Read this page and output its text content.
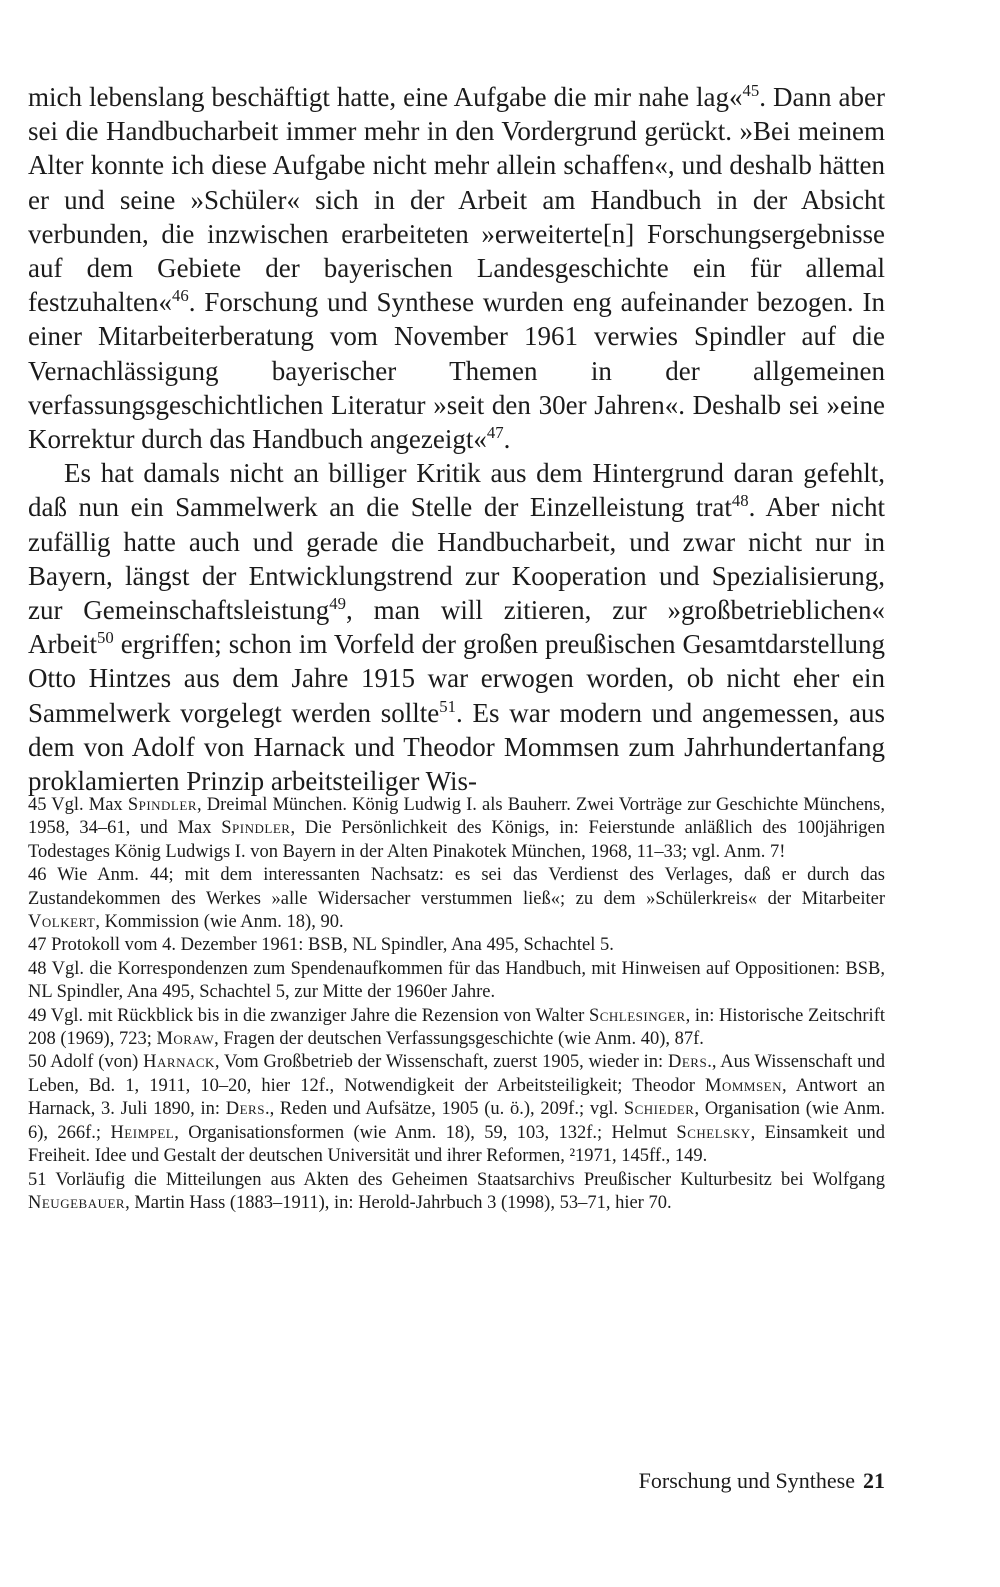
mich lebenslang beschäftigt hatte, eine Aufgabe die mir nahe lag«$^{45}$. Dann aber sei die Handbucharbeit immer mehr in den Vordergrund gerückt. »Bei meinem Alter konnte ich diese Aufgabe nicht mehr allein schaffen«, und deshalb hätten er und seine »Schüler« sich in der Arbeit am Handbuch in der Absicht verbunden, die inzwischen erarbeiteten »erweiterte[n] Forschungsergebnisse auf dem Gebiete der bayerischen Landesgeschichte ein für allemal festzuhalten«$^{46}$. Forschung und Synthese wurden eng aufeinander bezogen. In einer Mitarbeiterberatung vom November 1961 verwies Spindler auf die Vernachlässigung bayerischer Themen in der allgemeinen verfassungsgeschichtlichen Literatur »seit den 30er Jahren«. Deshalb sei »eine Korrektur durch das Handbuch angezeigt«$^{47}$.

Es hat damals nicht an billiger Kritik aus dem Hintergrund daran gefehlt, daß nun ein Sammelwerk an die Stelle der Einzelleistung trat$^{48}$. Aber nicht zufällig hatte auch und gerade die Handbucharbeit, und zwar nicht nur in Bayern, längst der Entwicklungstrend zur Kooperation und Spezialisierung, zur Gemeinschaftsleistung$^{49}$, man will zitieren, zur »großbetrieblichen« Arbeit$^{50}$ ergriffen; schon im Vorfeld der großen preußischen Gesamtdarstellung Otto Hintzes aus dem Jahre 1915 war erwogen worden, ob nicht eher ein Sammelwerk vorgelegt werden sollte$^{51}$. Es war modern und angemessen, aus dem von Adolf von Harnack und Theodor Mommsen zum Jahrhundertanfang proklamierten Prinzip arbeitsteiliger Wis-

45 Vgl. Max Spindler, Dreimal München. König Ludwig I. als Bauherr. Zwei Vorträge zur Geschichte Münchens, 1958, 34–61, und Max Spindler, Die Persönlichkeit des Königs, in: Feierstunde anläßlich des 100jährigen Todestages König Ludwigs I. von Bayern in der Alten Pinakotek München, 1968, 11–33; vgl. Anm. 7!

46 Wie Anm. 44; mit dem interessanten Nachsatz: es sei das Verdienst des Verlages, daß er durch das Zustandekommen des Werkes »alle Widersacher verstummen ließ«; zu dem »Schülerkreis« der Mitarbeiter Volkert, Kommission (wie Anm. 18), 90.

47 Protokoll vom 4. Dezember 1961: BSB, NL Spindler, Ana 495, Schachtel 5.

48 Vgl. die Korrespondenzen zum Spendenaufkommen für das Handbuch, mit Hinweisen auf Oppositionen: BSB, NL Spindler, Ana 495, Schachtel 5, zur Mitte der 1960er Jahre.

49 Vgl. mit Rückblick bis in die zwanziger Jahre die Rezension von Walter Schlesinger, in: Historische Zeitschrift 208 (1969), 723; Moraw, Fragen der deutschen Verfassungsgeschichte (wie Anm. 40), 87f.

50 Adolf (von) Harnack, Vom Großbetrieb der Wissenschaft, zuerst 1905, wieder in: Ders., Aus Wissenschaft und Leben, Bd. 1, 1911, 10–20, hier 12f., Notwendigkeit der Arbeitsteiligkeit; Theodor Mommsen, Antwort an Harnack, 3. Juli 1890, in: Ders., Reden und Aufsätze, 1905 (u. ö.), 209f.; vgl. Schieder, Organisation (wie Anm. 6), 266f.; Heimpel, Organisationsformen (wie Anm. 18), 59, 103, 132f.; Helmut Schelsky, Einsamkeit und Freiheit. Idee und Gestalt der deutschen Universität und ihrer Reformen, ²1971, 145ff., 149.

51 Vorläufig die Mitteilungen aus Akten des Geheimen Staatsarchivs Preußischer Kulturbesitz bei Wolfgang Neugebauer, Martin Hass (1883–1911), in: Herold-Jahrbuch 3 (1998), 53–71, hier 70.

Forschung und Synthese 21
